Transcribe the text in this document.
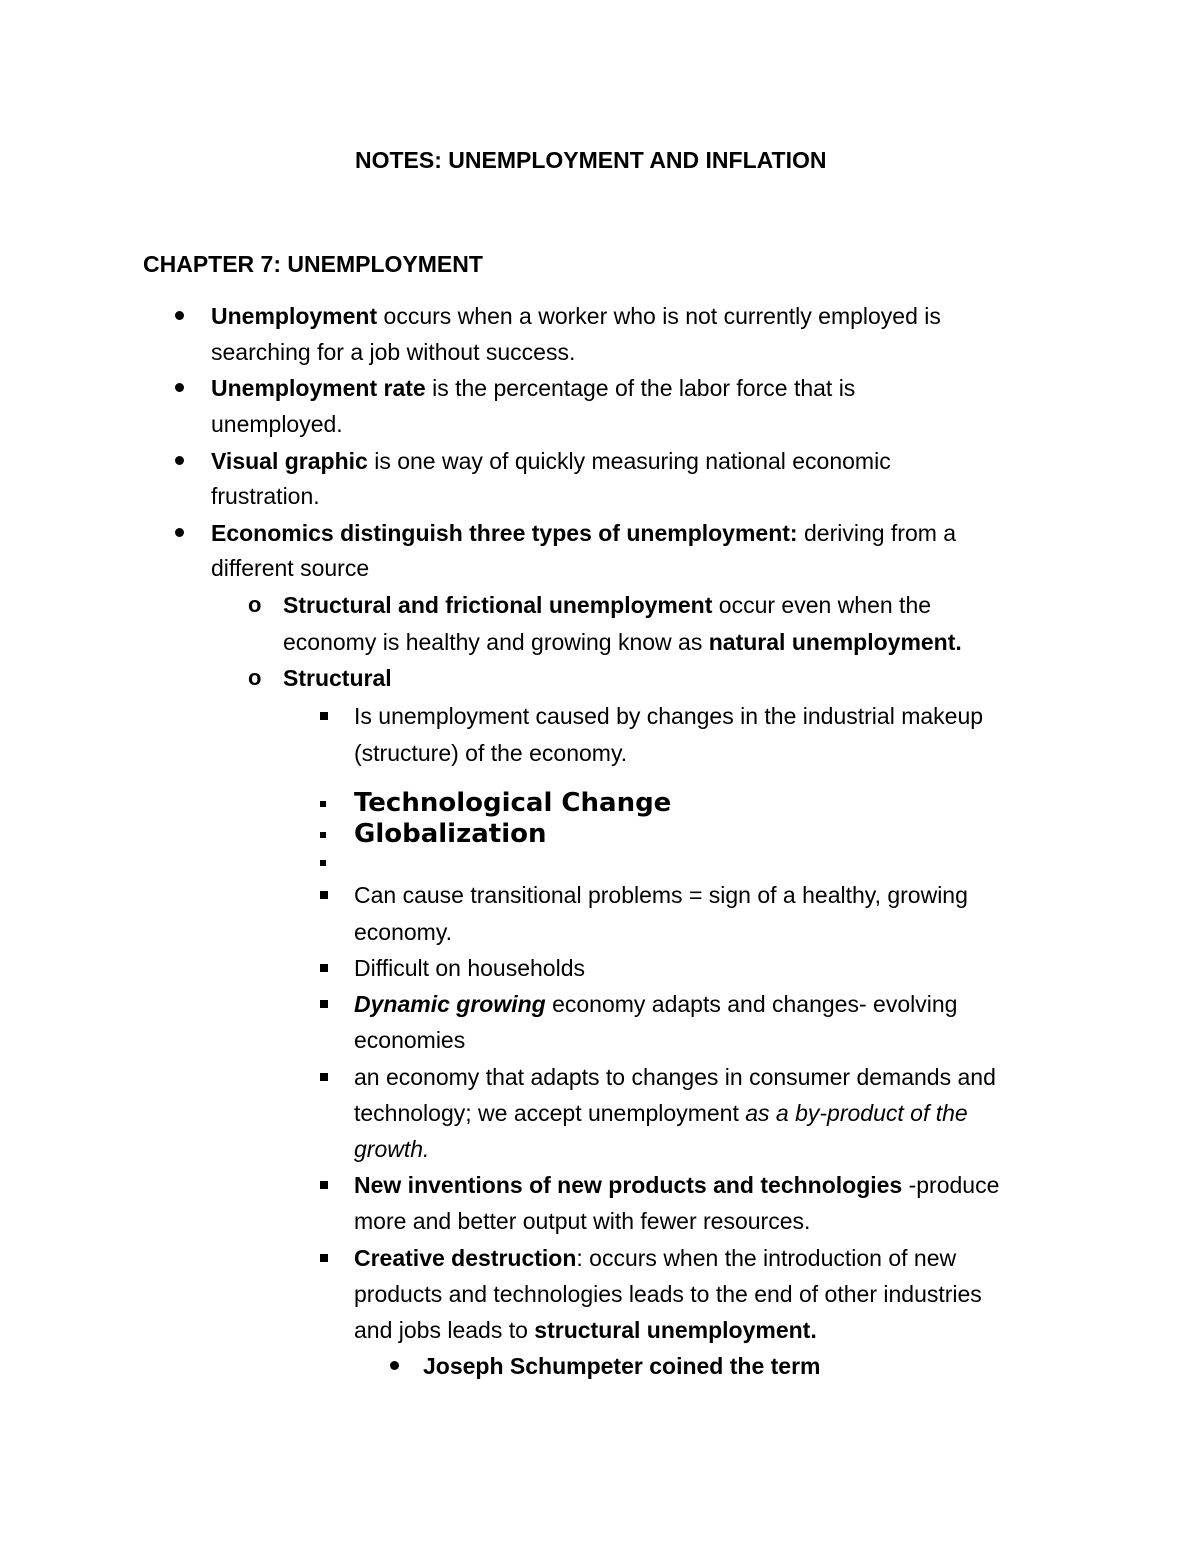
NOTES: UNEMPLOYMENT AND INFLATION
CHAPTER 7: UNEMPLOYMENT
Unemployment occurs when a worker who is not currently employed is
searching for a job without success.
Unemployment rate is the percentage of the labor force that is
unemployed.
Visual graphic is one way of quickly measuring national economic
frustration.
Economics distinguish three types of unemployment: deriving from a
different source
o Structural and frictional unemployment occur even when the
economy is healthy and growing know as natural unemployment.
o Structural
Is unemployment caused by changes in the industrial makeup
(structure) of the economy.
Technological Change
Globalization
Can cause transitional problems = sign of a healthy, growing
economy.
Difficult on households
Dynamic growing economy adapts and changes- evolving
economies
an economy that adapts to changes in consumer demands and
technology; we accept unemployment as a by-product of the
growth.
New inventions of new products and technologies -produce
more and better output with fewer resources.
Creative destruction: occurs when the introduction of new
products and technologies leads to the end of other industries
and jobs leads to structural unemployment.
Joseph Schumpeter coined the term
